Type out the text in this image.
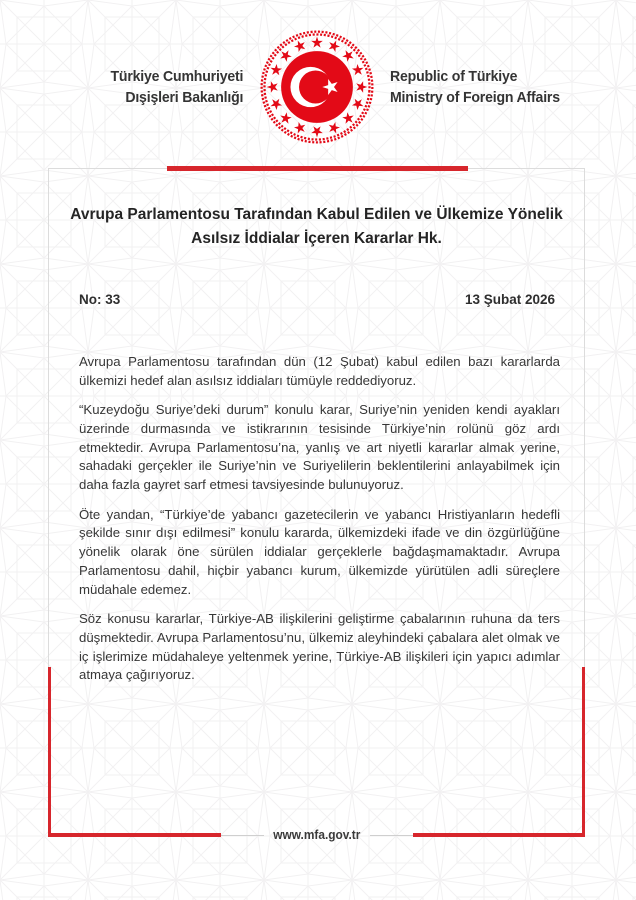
Türkiye Cumhuriyeti
Dışişleri Bakanlığı
Republic of Türkiye
Ministry of Foreign Affairs
Avrupa Parlamentosu Tarafından Kabul Edilen ve Ülkemize Yönelik
Asılsız İddialar İçeren Kararlar Hk.
No: 33	13 Şubat 2026

Avrupa Parlamentosu tarafından dün (12 Şubat) kabul edilen bazı kararlarda ülkemizi hedef alan asılsız iddiaları tümüyle reddediyoruz.

“Kuzeydoğu Suriye’deki durum” konulu karar, Suriye’nin yeniden kendi ayakları üzerinde durmasında ve istikrarının tesisinde Türkiye’nin rolünü göz ardı etmektedir. Avrupa Parlamentosu’na, yanlış ve art niyetli kararlar almak yerine, sahadaki gerçekler ile Suriye’nin ve Suriyelilerin beklentilerini anlayabilmek için daha fazla gayret sarf etmesi tavsiyesinde bulunuyoruz.

Öte yandan, “Türkiye’de yabancı gazetecilerin ve yabancı Hristiyanların hedefli şekilde sınır dışı edilmesi” konulu kararda, ülkemizdeki ifade ve din özgürlüğüne yönelik olarak öne sürülen iddialar gerçeklerle bağdaşmamaktadır. Avrupa Parlamentosu dahil, hiçbir yabancı kurum, ülkemizde yürütülen adli süreçlere müdahale edemez.

Söz konusu kararlar, Türkiye-AB ilişkilerini geliştirme çabalarının ruhuna da ters düşmektedir. Avrupa Parlamentosu’nu, ülkemiz aleyhindeki çabalara alet olmak ve iç işlerimize müdahaleye yeltenmek yerine, Türkiye-AB ilişkileri için yapıcı adımlar atmaya çağırıyoruz.

www.mfa.gov.tr
